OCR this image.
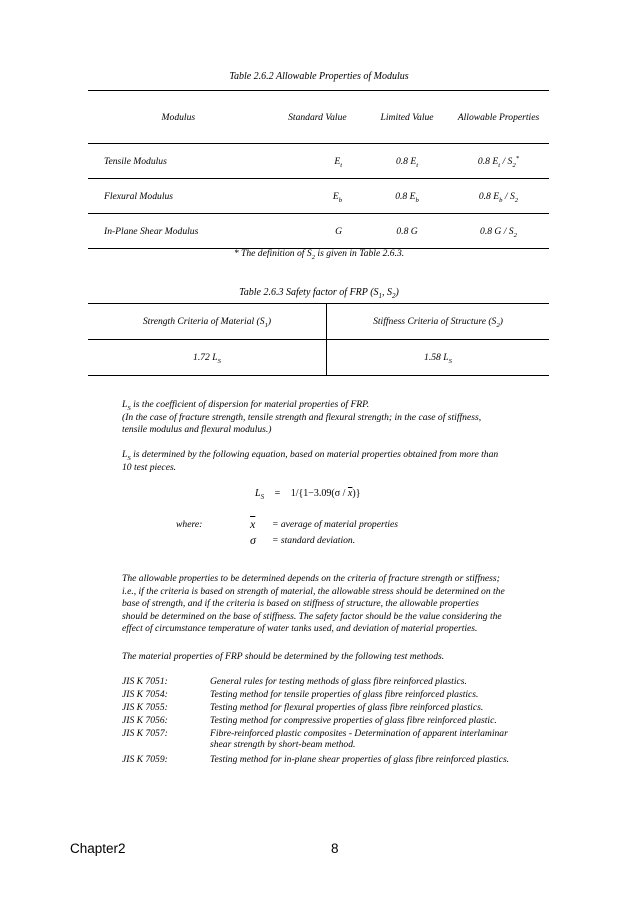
Table 2.6.2 Allowable Properties of Modulus
Modulus	Standard Value	Limited Value	Allowable Properties
Tensile Modulus	$E_t$	0.8 $E_t$	0.8 $E_t / S_2^*$
Flexural Modulus	$E_b$	0.8 $E_b$	0.8 $E_b / S_2$
In-Plane Shear Modulus	G	0.8 G	0.8 G / $S_2$
* The definition of $S_2$ is given in Table 2.6.3.
Table 2.6.3 Safety factor of FRP ($S_1$, $S_2$)
Strength Criteria of Material $(S_1)$	Stiffness Criteria of Structure $(S_2)$
1.72 $L_S$	1.58 $L_S$

$L_S$ is the coefficient of dispersion for material properties of FRP.

(In the case of fracture strength, tensile strength and flexural strength; in the case of stiffness,

tensile modulus and flexural modulus.)

$L_S$ is determined by the following equation, based on material properties obtained from more than

10 test pieces.

$L_S = 1/\{1-3.09(\sigma / \overline{x})\}$
where:	$\overline{x}$ = average of material properties
σ = standard deviation.

The allowable properties to be determined depends on the criteria of fracture strength or stiffness;

i.e., if the criteria is based on strength of material, the allowable stress should be determined on the

base of strength, and if the criteria is based on stiffness of structure, the allowable properties

should be determined on the base of stiffness. The safety factor should be the value considering the

effect of circumstance temperature of water tanks used, and deviation of material properties.

The material properties of FRP should be determined by the following test methods.
JIS K 7051:	General rules for testing methods of glass fibre reinforced plastics.
JIS K 7054:	Testing method for tensile properties of glass fibre reinforced plastics.
JIS K 7055:	Testing method for flexural properties of glass fibre reinforced plastics.
JIS K 7056:	Testing method for compressive properties of glass fibre reinforced plastic.
JIS K 7057:	Fibre-reinforced plastic composites - Determination of apparent interlaminar
shear strength by short-beam method.
JIS K 7059:	Testing method for in-plane shear properties of glass fibre reinforced plastics.
Chapter2	8
